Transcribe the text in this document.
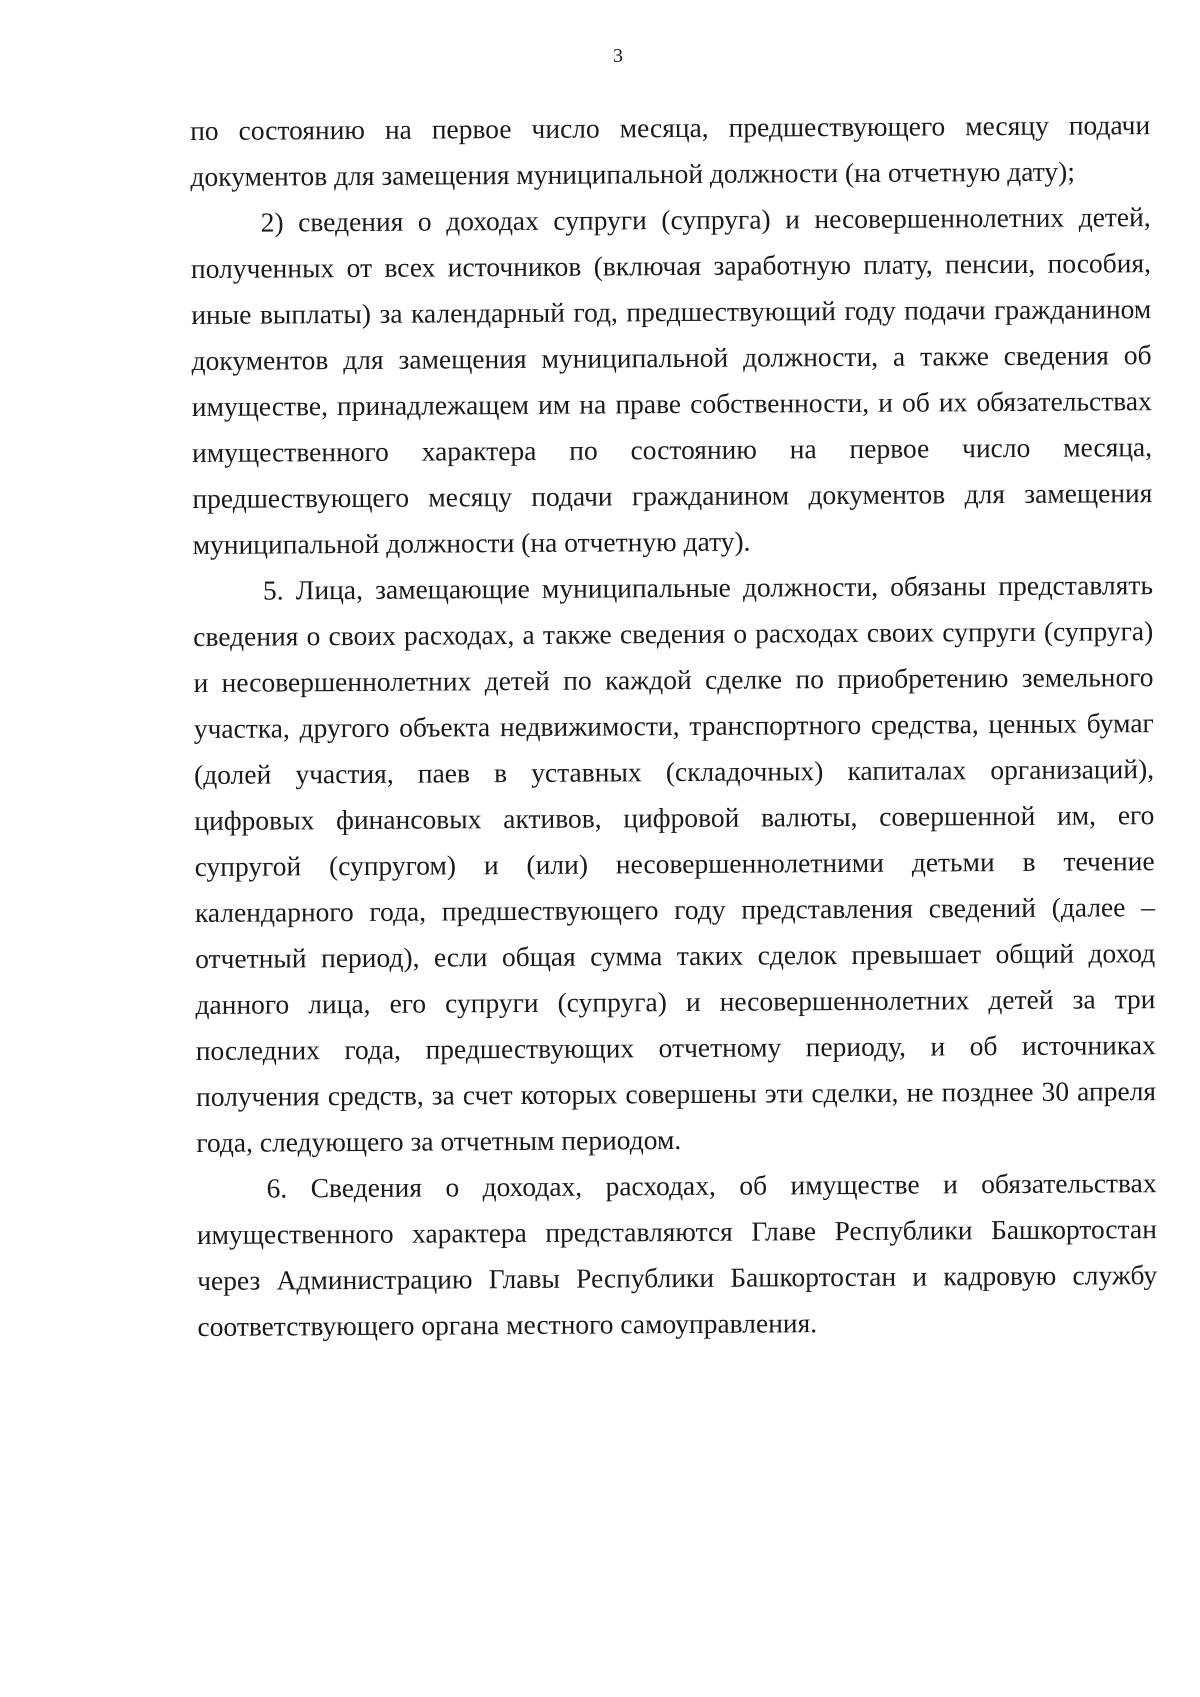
3

по состоянию на первое число месяца, предшествующего месяцу подачи документов для замещения муниципальной должности (на отчетную дату);

2) сведения о доходах супруги (супруга) и несовершеннолетних детей, полученных от всех источников (включая заработную плату, пенсии, пособия, иные выплаты) за календарный год, предшествующий году подачи гражданином документов для замещения муниципальной должности, а также сведения об имуществе, принадлежащем им на праве собственности, и об их обязательствах имущественного характера по состоянию на первое число месяца, предшествующего месяцу подачи гражданином документов для замещения муниципальной должности (на отчетную дату).

5. Лица, замещающие муниципальные должности, обязаны представлять сведения о своих расходах, а также сведения о расходах своих супруги (супруга) и несовершеннолетних детей по каждой сделке по приобретению земельного участка, другого объекта недвижимости, транспортного средства, ценных бумаг (долей участия, паев в уставных (складочных) капиталах организаций), цифровых финансовых активов, цифровой валюты, совершенной им, его супругой (супругом) и (или) несовершеннолетними детьми в течение календарного года, предшествующего году представления сведений (далее – отчетный период), если общая сумма таких сделок превышает общий доход данного лица, его супруги (супруга) и несовершеннолетних детей за три последних года, предшествующих отчетному периоду, и об источниках получения средств, за счет которых совершены эти сделки, не позднее 30 апреля года, следующего за отчетным периодом.

6. Сведения о доходах, расходах, об имуществе и обязательствах имущественного характера представляются Главе Республики Башкортостан через Администрацию Главы Республики Башкортостан и кадровую службу соответствующего органа местного самоуправления.
